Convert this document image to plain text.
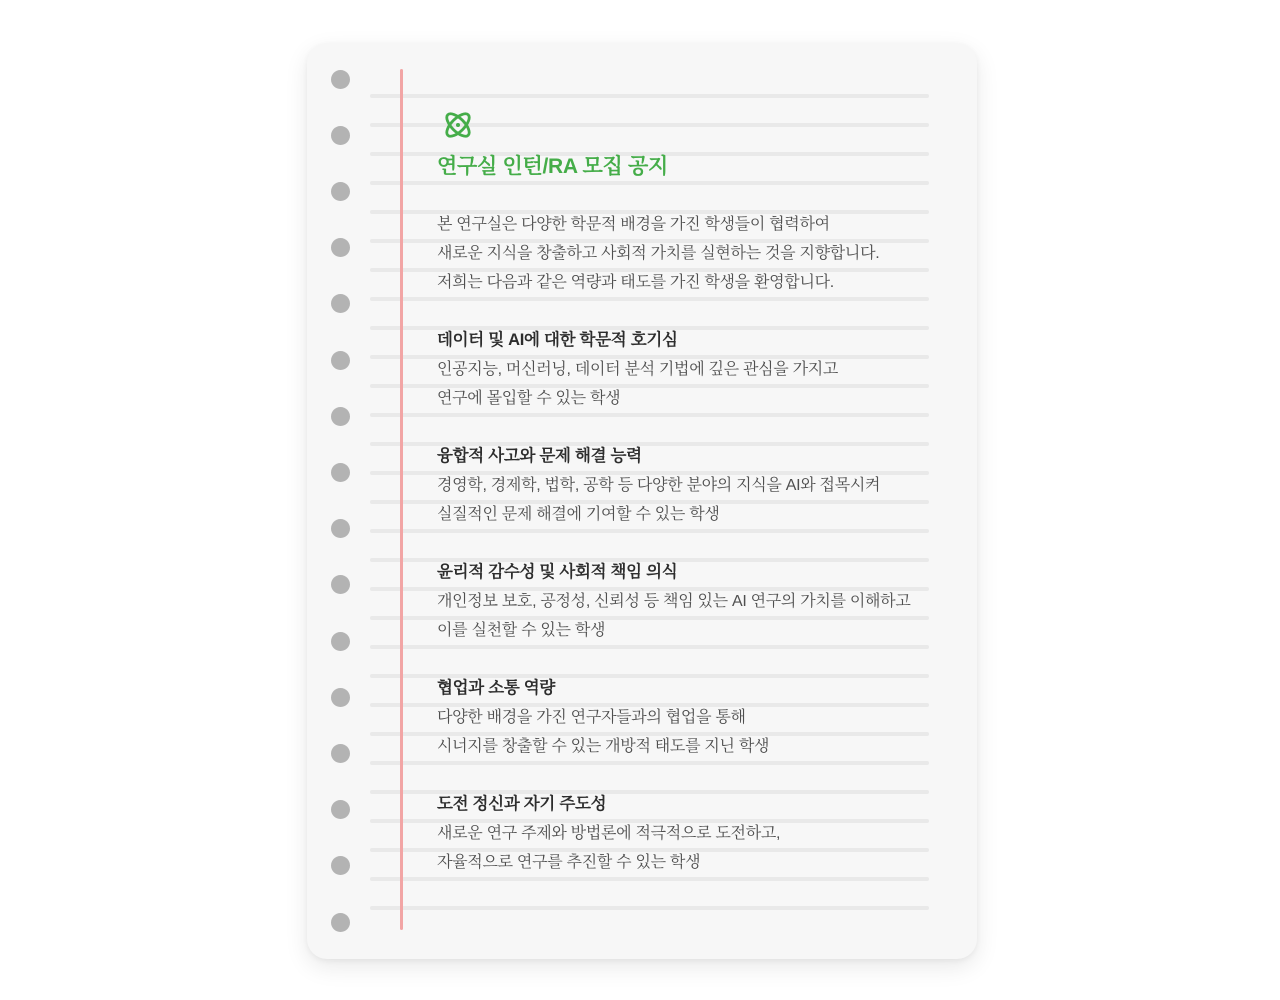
연구실 인턴/RA 모집 공지

본 연구실은 다양한 학문적 배경을 가진 학생들이 협력하여

새로운 지식을 창출하고 사회적 가치를 실현하는 것을 지향합니다.

저희는 다음과 같은 역량과 태도를 가진 학생을 환영합니다.

데이터 및 AI에 대한 학문적 호기심

인공지능, 머신러닝, 데이터 분석 기법에 깊은 관심을 가지고

연구에 몰입할 수 있는 학생

융합적 사고와 문제 해결 능력

경영학, 경제학, 법학, 공학 등 다양한 분야의 지식을 AI와 접목시켜

실질적인 문제 해결에 기여할 수 있는 학생

윤리적 감수성 및 사회적 책임 의식

개인정보 보호, 공정성, 신뢰성 등 책임 있는 AI 연구의 가치를 이해하고

이를 실천할 수 있는 학생

협업과 소통 역량

다양한 배경을 가진 연구자들과의 협업을 통해

시너지를 창출할 수 있는 개방적 태도를 지닌 학생

도전 정신과 자기 주도성

새로운 연구 주제와 방법론에 적극적으로 도전하고,

자율적으로 연구를 추진할 수 있는 학생
